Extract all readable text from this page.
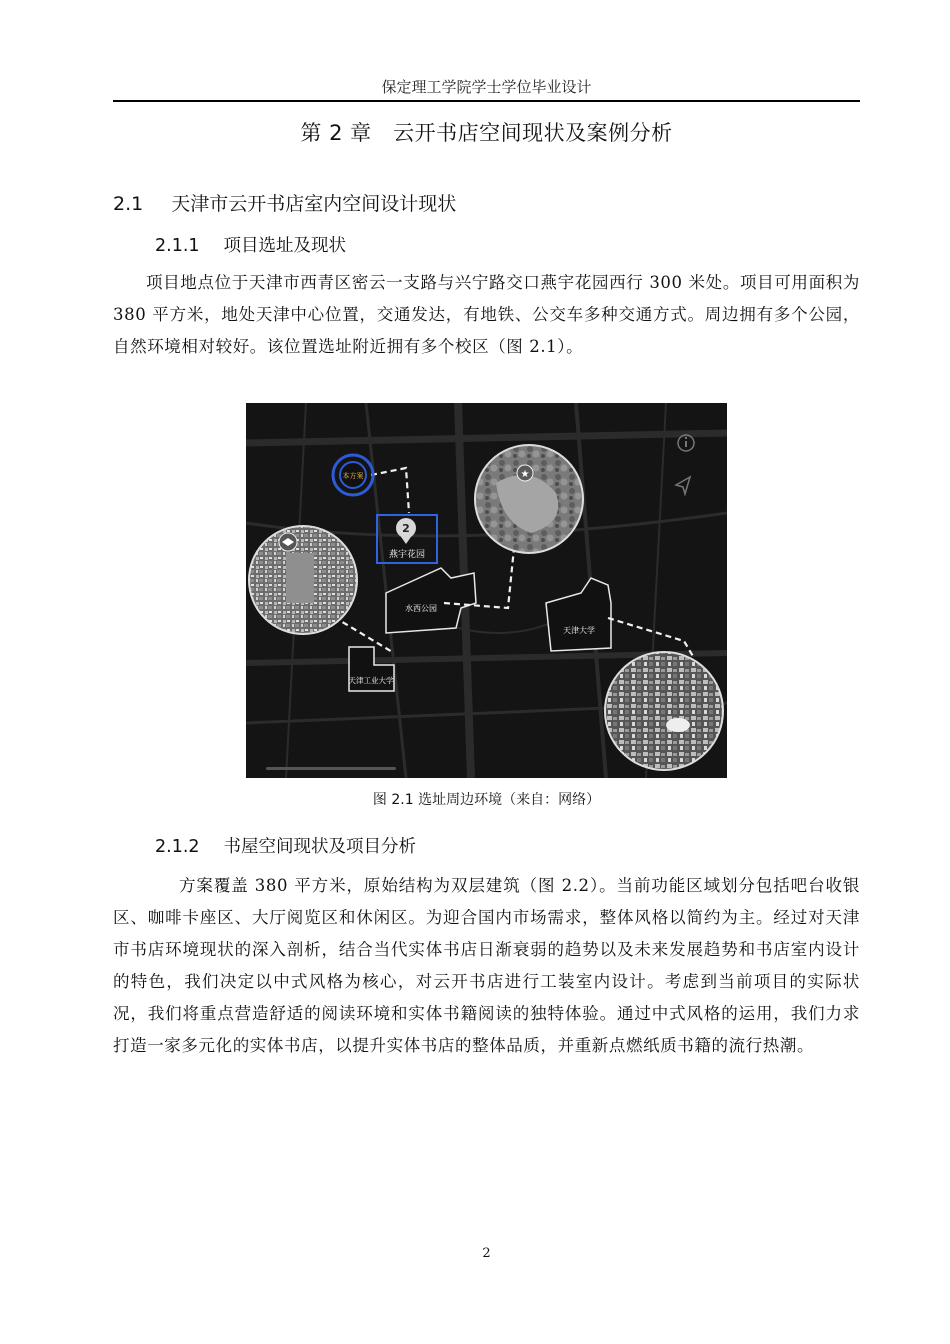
保定理工学院学士学位毕业设计
第 2 章　云开书店空间现状及案例分析
2.1 天津市云开书店室内空间设计现状
2.1.1 项目选址及现状

项目地点位于天津市西青区密云一支路与兴宁路交口燕宇花园西行 300 米处。项目可用面积为 380 平方米，地处天津中心位置，交通发达，有地铁、公交车多种交通方式。周边拥有多个公园，自然环境相对较好。该位置选址附近拥有多个校区（图 2.1）。

水西公园
天津大学
天津工业大学
★
本方案
2
燕宇花园
图 2.1 选址周边环境（来自：网络）
2.1.2 书屋空间现状及项目分析

方案覆盖 380 平方米，原始结构为双层建筑（图 2.2）。当前功能区域划分包括吧台收银区、咖啡卡座区、大厅阅览区和休闲区。为迎合国内市场需求，整体风格以简约为主。经过对天津市书店环境现状的深入剖析，结合当代实体书店日渐衰弱的趋势以及未来发展趋势和书店室内设计的特色，我们决定以中式风格为核心，对云开书店进行工装室内设计。考虑到当前项目的实际状况，我们将重点营造舒适的阅读环境和实体书籍阅读的独特体验。通过中式风格的运用，我们力求打造一家多元化的实体书店，以提升实体书店的整体品质，并重新点燃纸质书籍的流行热潮。

2
